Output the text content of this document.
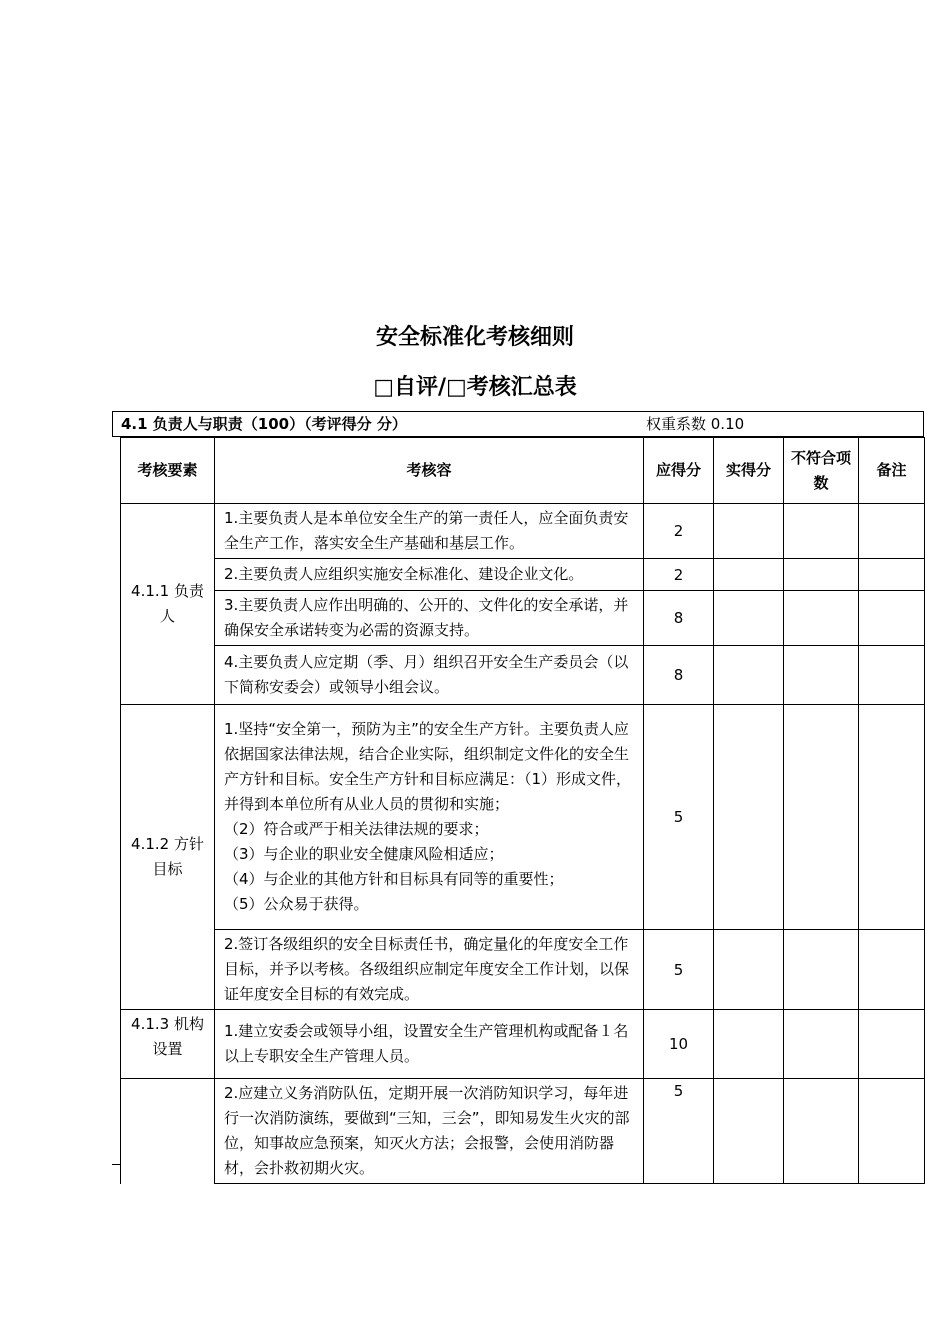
安全标准化考核细则
□自评/□考核汇总表
4.1 负责人与职责（100）（考评得分 分）	权重系数 0.10
考核要素	考核容	应得分	实得分	不符合项数	备注
4.1.1 负责人	1.主要负责人是本单位安全生产的第一责任人，应全面负责安全生产工作，落实安全生产基础和基层工作。	2			
	2.主要负责人应组织实施安全标准化、建设企业文化。	2			
	3.主要负责人应作出明确的、公开的、文件化的安全承诺，并确保安全承诺转变为必需的资源支持。	8			
	4.主要负责人应定期（季、月）组织召开安全生产委员会（以下简称安委会）或领导小组会议。	8			
4.1.2 方针目标	1.坚持“安全第一，预防为主”的安全生产方针。主要负责人应依据国家法律法规，结合企业实际，组织制定文件化的安全生产方针和目标。安全生产方针和目标应满足：（1）形成文件，并得到本单位所有从业人员的贯彻和实施；
（2）符合或严于相关法律法规的要求；
（3）与企业的职业安全健康风险相适应；
（4）与企业的其他方针和目标具有同等的重要性；
（5）公众易于获得。	5			
	2.签订各级组织的安全目标责任书，确定量化的年度安全工作目标，并予以考核。各级组织应制定年度安全工作计划，以保证年度安全目标的有效完成。	5			
4.1.3 机构设置	1.建立安委会或领导小组，设置安全生产管理机构或配备１名以上专职安全生产管理人员。	10			
	2.应建立义务消防队伍，定期开展一次消防知识学习，每年进行一次消防演练，要做到“三知，三会”，即知易发生火灾的部位，知事故应急预案，知灭火方法；会报警，会使用消防器材，会扑救初期火灾。	5			
